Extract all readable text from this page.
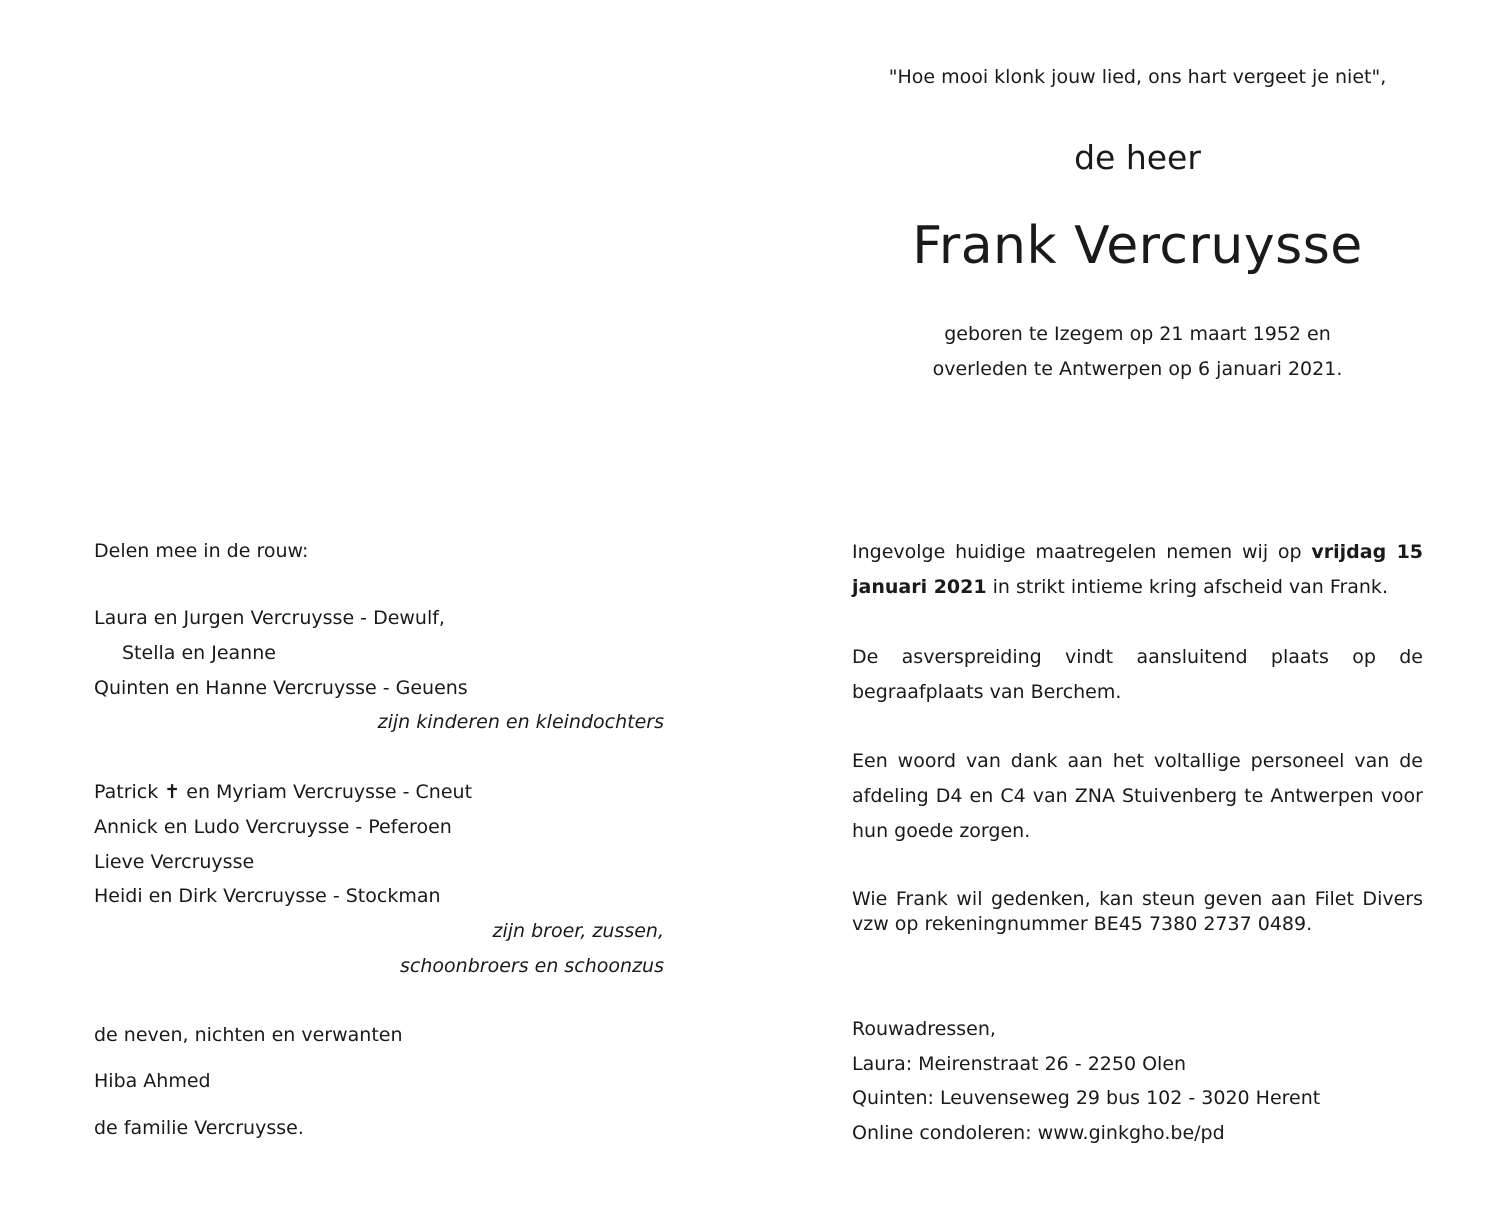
"Hoe mooi klonk jouw lied, ons hart vergeet je niet",
de heer
Frank Vercruysse
geboren te Izegem op 21 maart 1952 en
overleden te Antwerpen op 6 januari 2021.
Delen mee in de rouw:
Laura en Jurgen Vercruysse - Dewulf,
Stella en Jeanne
Quinten en Hanne Vercruysse - Geuens
zijn kinderen en kleindochters
Patrick ✝ en Myriam Vercruysse - Cneut
Annick en Ludo Vercruysse - Peferoen
Lieve Vercruysse
Heidi en Dirk Vercruysse - Stockman
zijn broer, zussen,
schoonbroers en schoonzus
de neven, nichten en verwanten
Hiba Ahmed
de familie Vercruysse.
Ingevolge huidige maatregelen nemen wij op vrijdag 15 januari 2021 in strikt intieme kring afscheid van Frank.
De asverspreiding vindt aansluitend plaats op de begraafplaats van Berchem.
Een woord van dank aan het voltallige personeel van de afdeling D4 en C4 van ZNA Stuivenberg te Antwerpen voor hun goede zorgen.
Wie Frank wil gedenken, kan steun geven aan Filet Divers vzw op rekeningnummer BE45 7380 2737 0489.
Rouwadressen,
Laura: Meirenstraat 26 - 2250 Olen
Quinten: Leuvenseweg 29 bus 102 - 3020 Herent
Online condoleren: www.ginkgho.be/pd
